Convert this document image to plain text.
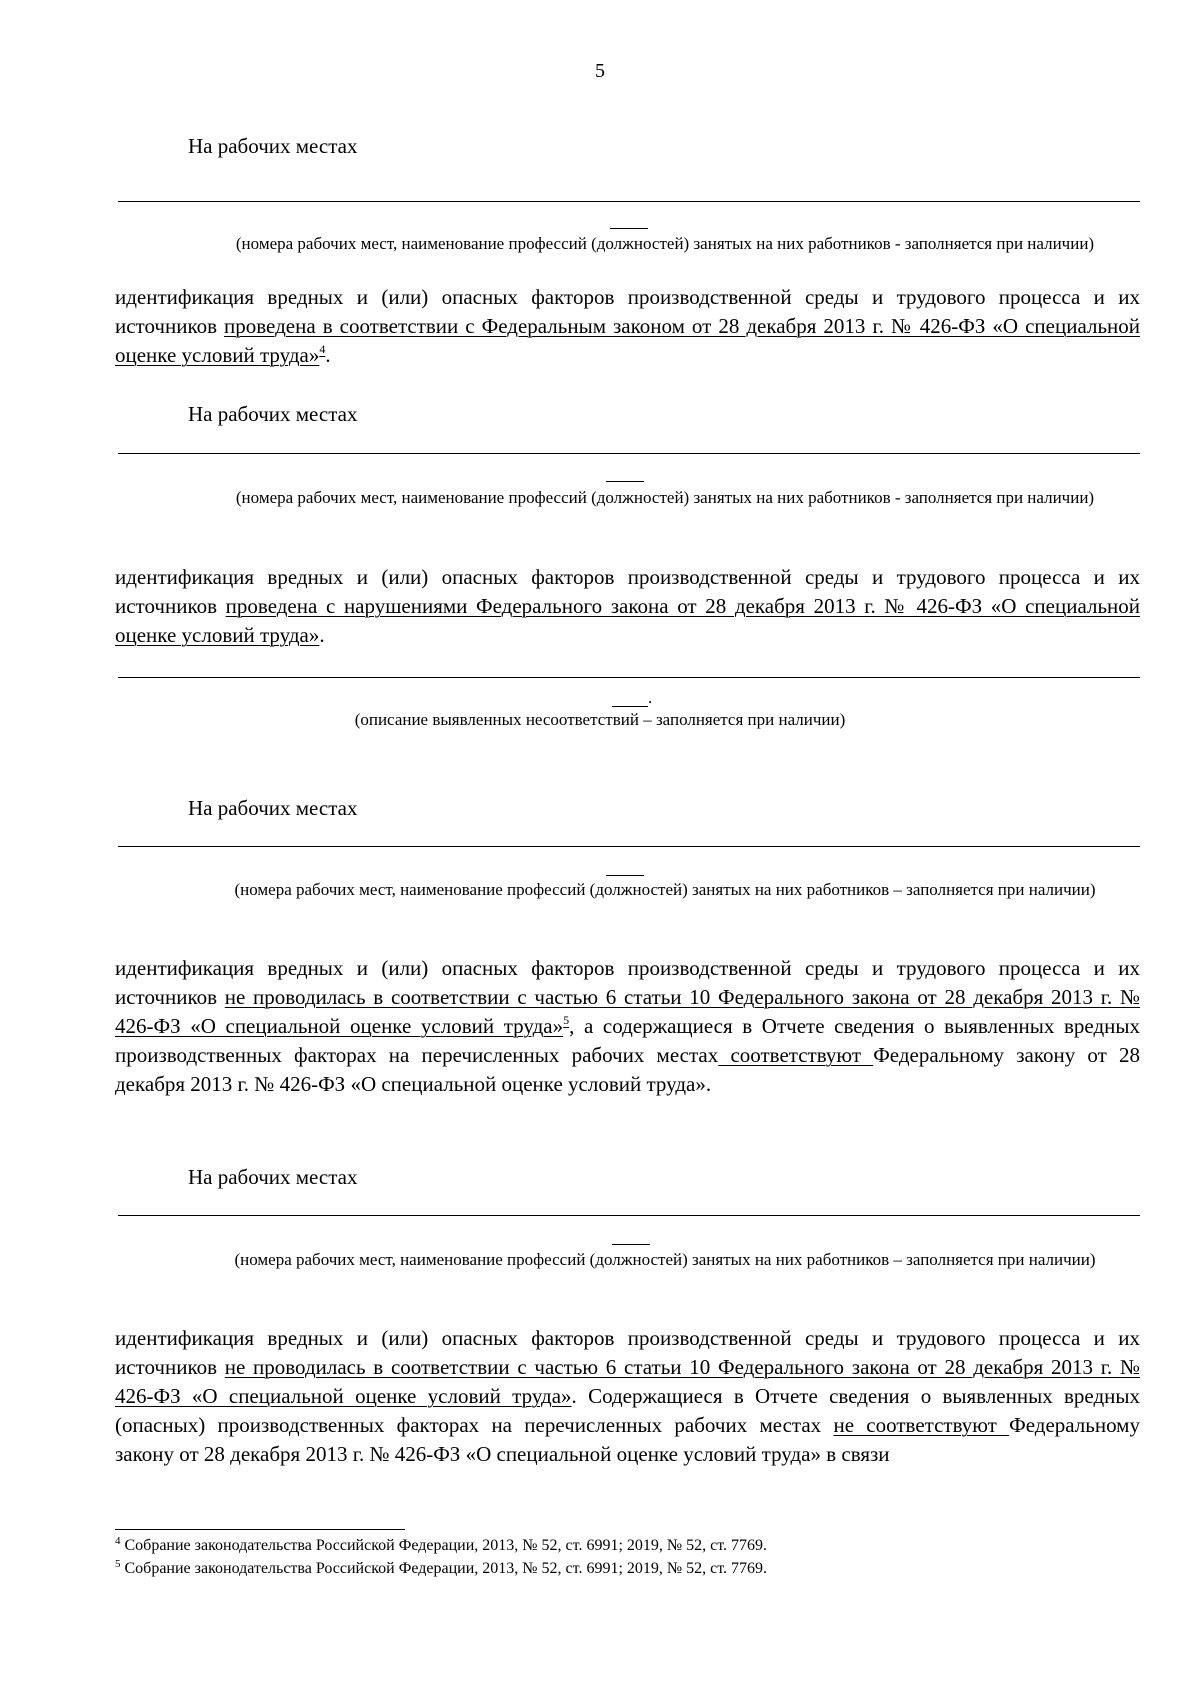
5
На рабочих местах
(номера рабочих мест, наименование профессий (должностей) занятых на них работников - заполняется при наличии)
идентификация вредных и (или) опасных факторов производственной среды и трудового процесса и их источников проведена в соответствии с Федеральным законом от 28 декабря 2013 г. № 426-ФЗ «О специальной оценке условий труда»$^4$.
На рабочих местах
(номера рабочих мест, наименование профессий (должностей) занятых на них работников - заполняется при наличии)
идентификация вредных и (или) опасных факторов производственной среды и трудового процесса и их источников проведена с нарушениями Федерального закона от 28 декабря 2013 г. № 426-ФЗ «О специальной оценке условий труда».
.
(описание выявленных несоответствий – заполняется при наличии)
На рабочих местах
(номера рабочих мест, наименование профессий (должностей) занятых на них работников – заполняется при наличии)
идентификация вредных и (или) опасных факторов производственной среды и трудового процесса и их источников не проводилась в соответствии с частью 6 статьи 10 Федерального закона от 28 декабря 2013 г. № 426-ФЗ «О специальной оценке условий труда»$^5$, а содержащиеся в Отчете сведения о выявленных вредных производственных факторах на перечисленных рабочих местах соответствуют Федеральному закону от 28 декабря 2013 г. № 426-ФЗ «О специальной оценке условий труда».
На рабочих местах
(номера рабочих мест, наименование профессий (должностей) занятых на них работников – заполняется при наличии)
идентификация вредных и (или) опасных факторов производственной среды и трудового процесса и их источников не проводилась в соответствии с частью 6 статьи 10 Федерального закона от 28 декабря 2013 г. № 426-ФЗ «О специальной оценке условий труда». Содержащиеся в Отчете сведения о выявленных вредных (опасных) производственных факторах на перечисленных рабочих местах не соответствуют Федеральному закону от 28 декабря 2013 г. № 426-ФЗ «О специальной оценке условий труда» в связи
$^4$ Собрание законодательства Российской Федерации, 2013, № 52, ст. 6991; 2019, № 52, ст. 7769.
$^5$ Собрание законодательства Российской Федерации, 2013, № 52, ст. 6991; 2019, № 52, ст. 7769.
